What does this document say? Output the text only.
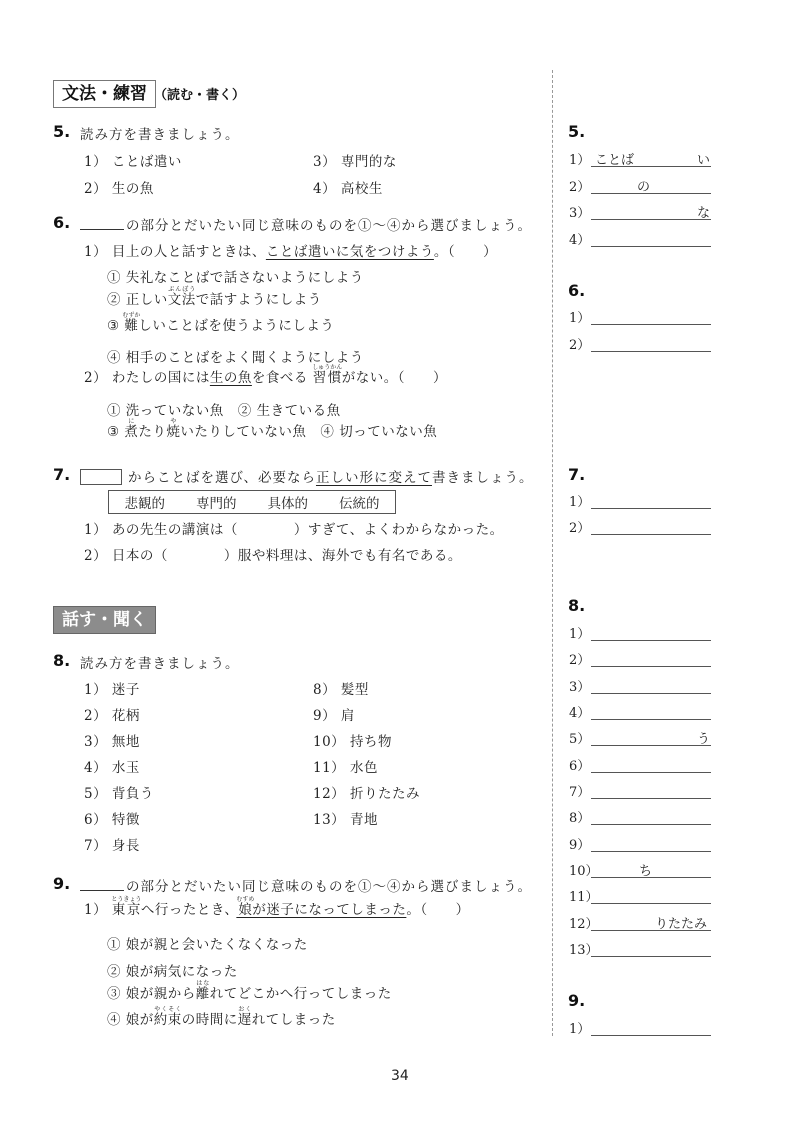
文法・練習 （読む・書く）
5. 読み方を書きましょう。
1） ことば遣い
2） 生の魚
3） 専門的な
4） 高校生
6.	の部分とだいたい同じ意味のものを①～④から選びましょう。
1） 目上の人と話すときは、ことば遣いに気をつけよう。（　　）
① 失礼なことばで話さないようにしよう
② 正しい文法ぶんぽうで話すようにしよう
③ 難むずかしいことばを使うようにしよう
④ 相手のことばをよく聞くようにしよう
2） わたしの国には生の魚を食べる 習慣しゅうかんがない。（　　）
① 洗っていない魚　 ② 生きている魚
③ 煮にたり焼やいたりしていない魚　 ④ 切っていない魚
7.	からことばを選び、必要なら正しい形に変えて書きましょう。
悲観的 専門的 具体的 伝統的
1） あの先生の講演は（　　　　）すぎて、よくわからなかった。
2） 日本の（　　　　）服や料理は、海外でも有名である。
話す・聞く
8. 読み方を書きましょう。
1） 迷子
2） 花柄
3） 無地
4） 水玉
5） 背負う
6） 特徴
7） 身長
8） 髪型
9） 肩
10） 持ち物
11） 水色
12） 折りたたみ
13） 青地
9.	の部分とだいたい同じ意味のものを①～④から選びましょう。
1） 東京とうきょうへ行ったとき、娘むすめが迷子になってしまった。（　　）
① 娘が親と会いたくなくなった
② 娘が病気になった
③ 娘が親から離はなれてどこかへ行ってしまった
④ 娘が約束やくそくの時間に遅おくれてしまった
5.
1） ことば	い
2）	の
3）	な
4）
6.
1）
2）
7.
1）
2）
8.
1）
2）
3）
4）
5）	う
6）
7）
8）
9）
10）	ち
11）
12）	りたたみ
13）
9.
1）
34
